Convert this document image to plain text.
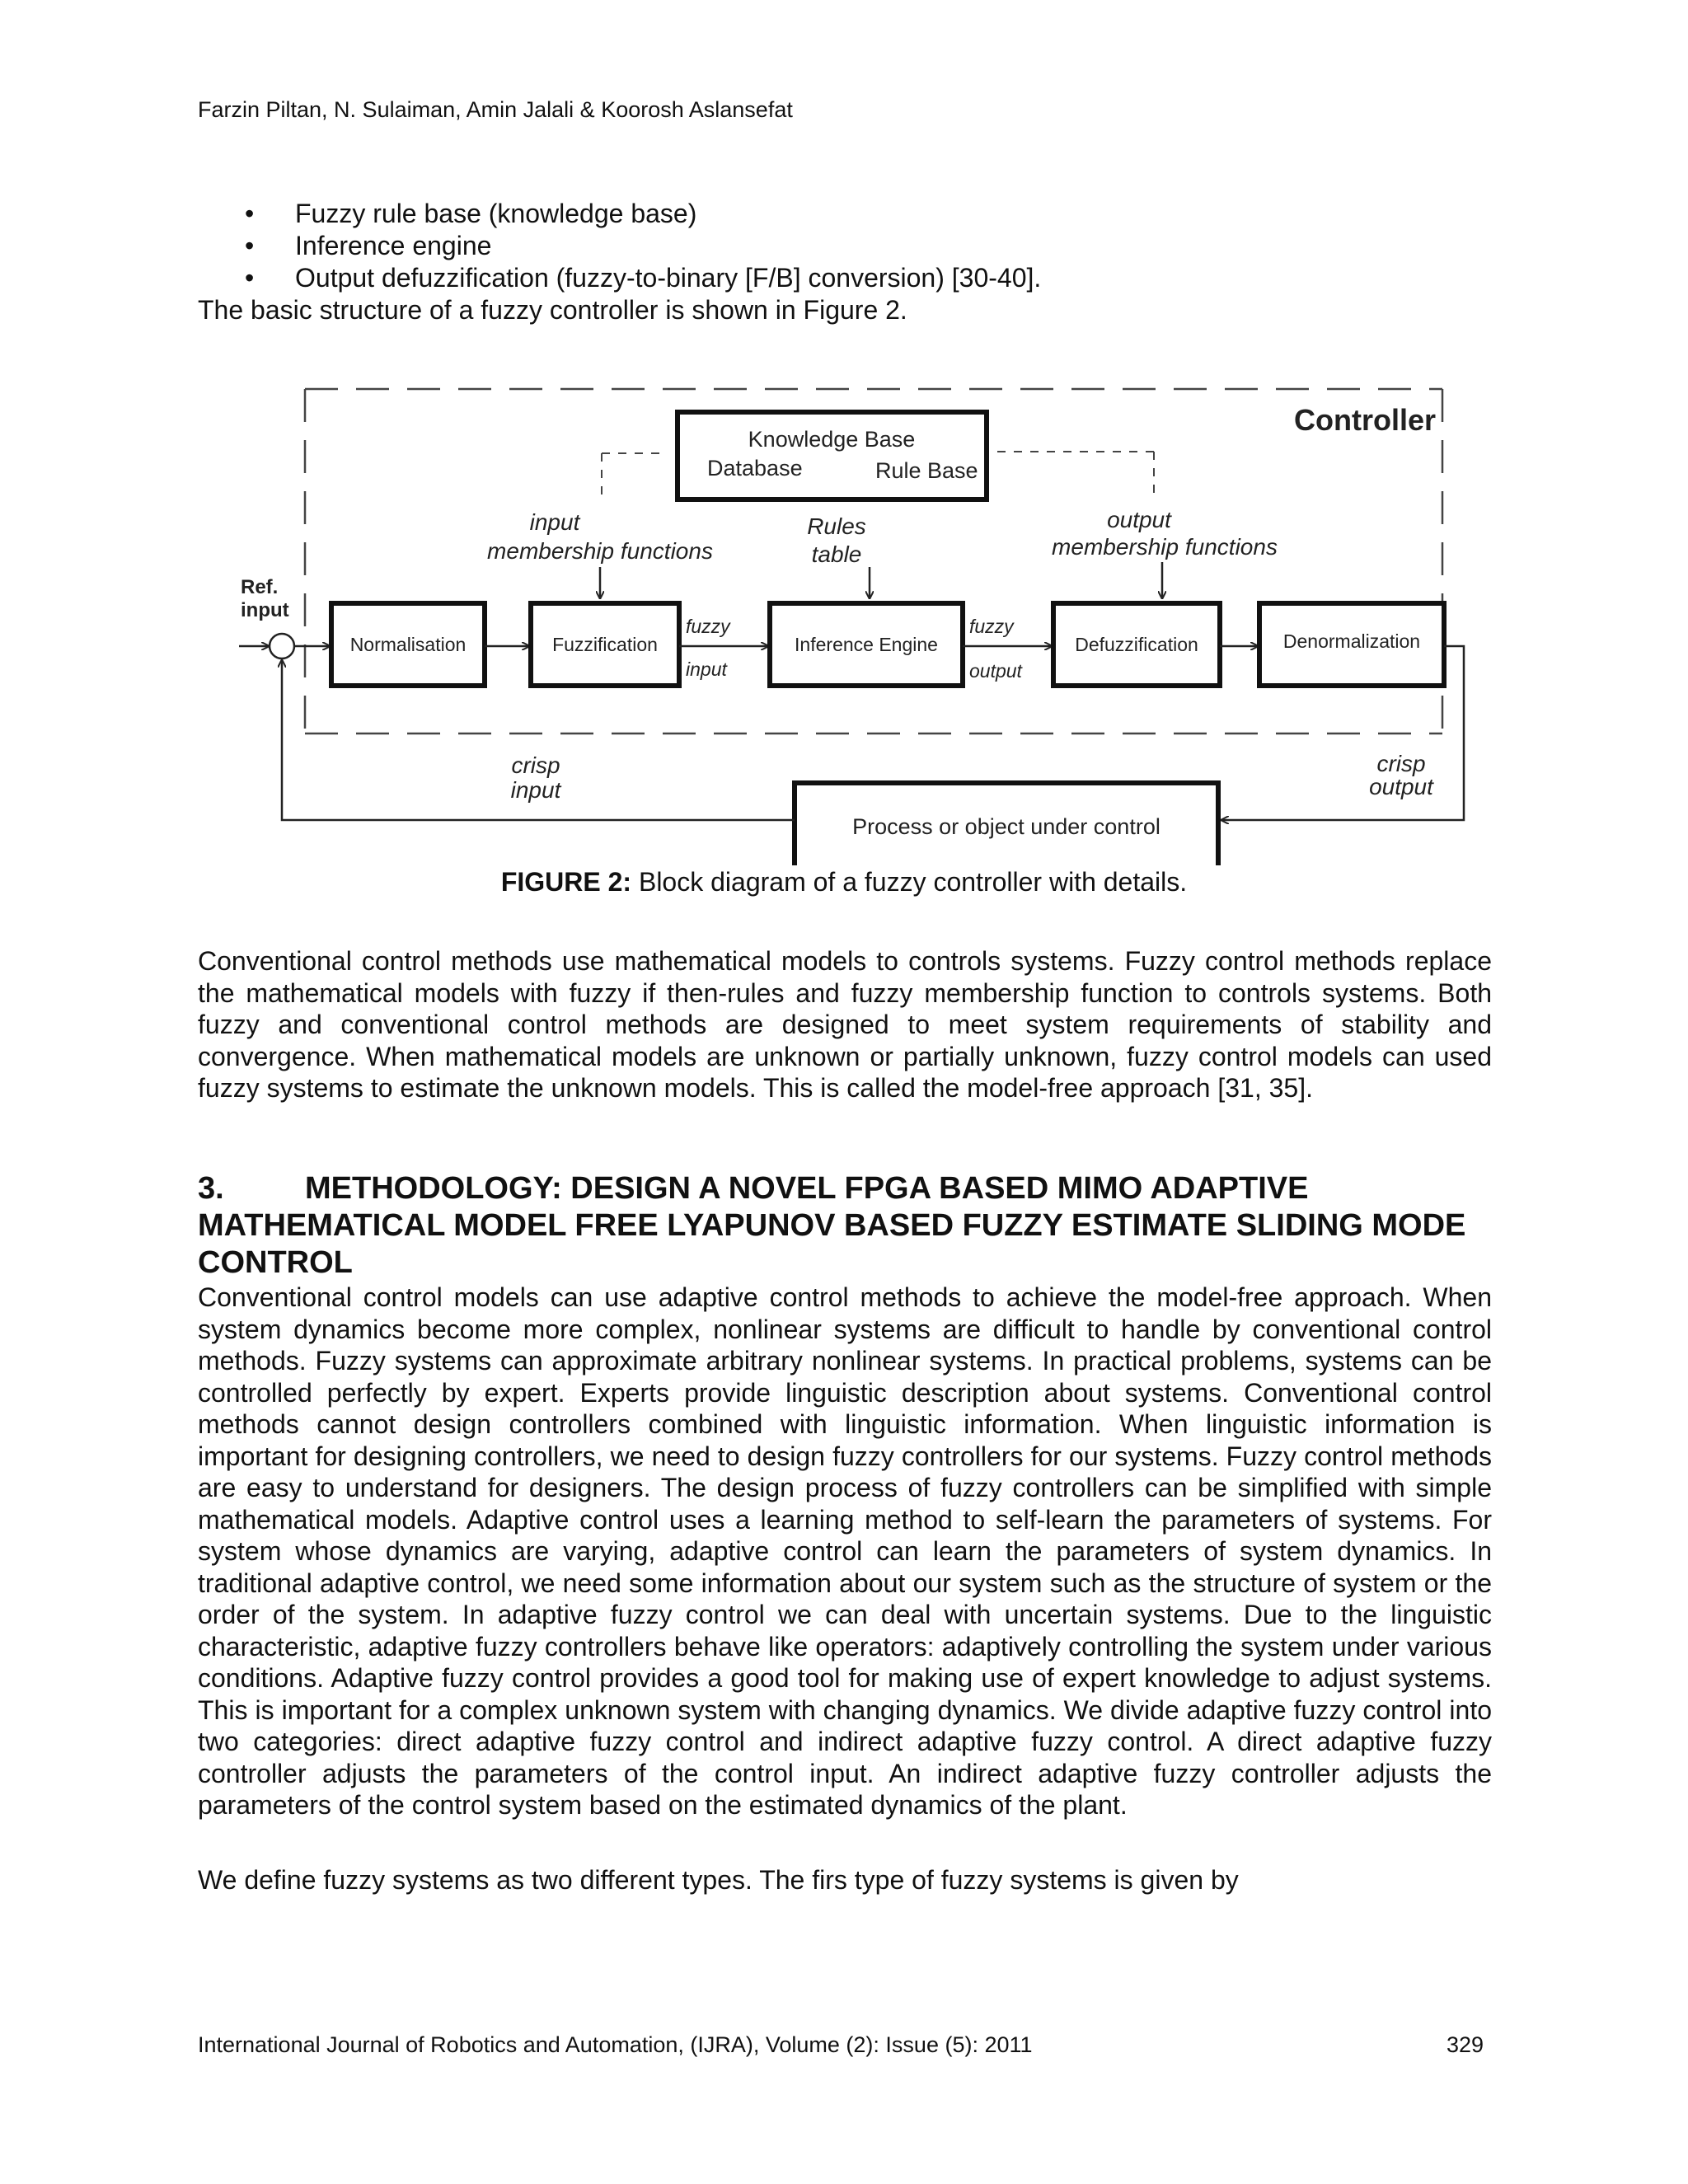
Farzin Piltan, N. Sulaiman, Amin Jalali & Koorosh Aslansefat
• Fuzzy rule base (knowledge base)
• Inference engine
• Output defuzzification (fuzzy-to-binary [F/B] conversion) [30-40].
The basic structure of a fuzzy controller is shown in Figure 2.
Controller
Knowledge Base
Database	Rule Base
input
membership functions
Rules
table
output
membership functions
Ref.
input
Normalisation	Fuzzification
fuzzy
input
Inference Engine
fuzzy
output
Defuzzification	Denormalization
Process or object under control
crisp
input
crisp
output
FIGURE 2: Block diagram of a fuzzy controller with details.

Conventional control methods use mathematical models to controls systems. Fuzzy control methods replace the mathematical models with fuzzy if then-rules and fuzzy membership function to controls systems. Both fuzzy and conventional control methods are designed to meet system requirements of stability and convergence. When mathematical models are unknown or partially unknown, fuzzy control models can used fuzzy systems to estimate the unknown models. This is called the model-free approach [31, 35].

3.	METHODOLOGY: DESIGN A NOVEL FPGA BASED MIMO ADAPTIVE MATHEMATICAL MODEL FREE LYAPUNOV BASED FUZZY ESTIMATE SLIDING MODE CONTROL

Conventional control models can use adaptive control methods to achieve the model-free approach. When system dynamics become more complex, nonlinear systems are difficult to handle by conventional control methods. Fuzzy systems can approximate arbitrary nonlinear systems. In practical problems, systems can be controlled perfectly by expert. Experts provide linguistic description about systems. Conventional control methods cannot design controllers combined with linguistic information. When linguistic information is important for designing controllers, we need to design fuzzy controllers for our systems. Fuzzy control methods are easy to understand for designers. The design process of fuzzy controllers can be simplified with simple mathematical models. Adaptive control uses a learning method to self-learn the parameters of systems. For system whose dynamics are varying, adaptive control can learn the parameters of system dynamics. In traditional adaptive control, we need some information about our system such as the structure of system or the order of the system. In adaptive fuzzy control we can deal with uncertain systems. Due to the linguistic characteristic, adaptive fuzzy controllers behave like operators: adaptively controlling the system under various conditions. Adaptive fuzzy control provides a good tool for making use of expert knowledge to adjust systems. This is important for a complex unknown system with changing dynamics. We divide adaptive fuzzy control into two categories: direct adaptive fuzzy control and indirect adaptive fuzzy control. A direct adaptive fuzzy controller adjusts the parameters of the control input. An indirect adaptive fuzzy controller adjusts the parameters of the control system based on the estimated dynamics of the plant.

We define fuzzy systems as two different types. The firs type of fuzzy systems is given by

International Journal of Robotics and Automation, (IJRA), Volume (2): Issue (5): 2011	329
